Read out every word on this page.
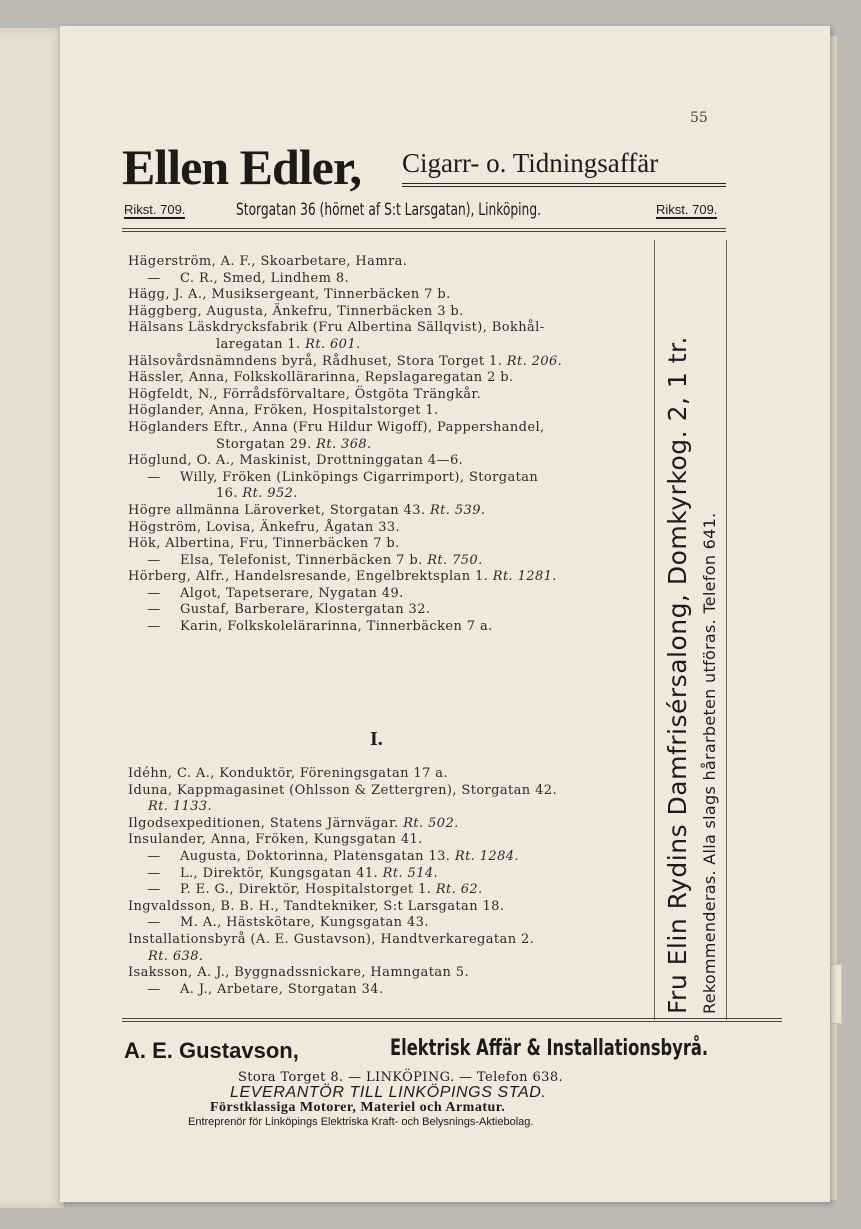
55
Ellen Edler, Cigarr- o. Tidningsaffär
Rikst. 709.	Storgatan 36 (hörnet af S:t Larsgatan), Linköping.	Rikst. 709.
Hägerström, A. F., Skoarbetare, Hamra.
— C. R., Smed, Lindhem 8.
Hägg, J. A., Musiksergeant, Tinnerbäcken 7 b.
Häggberg, Augusta, Änkefru, Tinnerbäcken 3 b.
Hälsans Läskdrycksfabrik (Fru Albertina Sällqvist), Bokhål-
laregatan 1. Rt. 601.
Hälsovårdsnämndens byrå, Rådhuset, Stora Torget 1. Rt. 206.
Hässler, Anna, Folkskollärarinna, Repslagaregatan 2 b.
Högfeldt, N., Förrådsförvaltare, Östgöta Trängkår.
Höglander, Anna, Fröken, Hospitalstorget 1.
Höglanders Eftr., Anna (Fru Hildur Wigoff), Pappershandel,
Storgatan 29. Rt. 368.
Höglund, O. A., Maskinist, Drottninggatan 4—6.
— Willy, Fröken (Linköpings Cigarrimport), Storgatan
16. Rt. 952.
Högre allmänna Läroverket, Storgatan 43. Rt. 539.
Högström, Lovisa, Änkefru, Ågatan 33.
Hök, Albertina, Fru, Tinnerbäcken 7 b.
— Elsa, Telefonist, Tinnerbäcken 7 b. Rt. 750.
Hörberg, Alfr., Handelsresande, Engelbrektsplan 1. Rt. 1281.
— Algot, Tapetserare, Nygatan 49.
— Gustaf, Barberare, Klostergatan 32.
— Karin, Folkskolelärarinna, Tinnerbäcken 7 a.
I.
Idéhn, C. A., Konduktör, Föreningsgatan 17 a.
Iduna, Kappmagasinet (Ohlsson & Zettergren), Storgatan 42.
Rt. 1133.
Ilgodsexpeditionen, Statens Järnvägar. Rt. 502.
Insulander, Anna, Fröken, Kungsgatan 41.
— Augusta, Doktorinna, Platensgatan 13. Rt. 1284.
— L., Direktör, Kungsgatan 41. Rt. 514.
— P. E. G., Direktör, Hospitalstorget 1. Rt. 62.
Ingvaldsson, B. B. H., Tandtekniker, S:t Larsgatan 18.
— M. A., Hästskötare, Kungsgatan 43.
Installationsbyrå (A. E. Gustavson), Handtverkaregatan 2.
Rt. 638.
Isaksson, A. J., Byggnadssnickare, Hamngatan 5.
— A. J., Arbetare, Storgatan 34.	Fru Elin Rydins Damfrisérsalong, Domkyrkog. 2, 1 tr. Rekommenderas. Alla slags hårarbeten utföras. Telefon 641.
A. E. Gustavson,	Elektrisk Affär & Installationsbyrå.
Stora Torget 8. — LINKÖPING. — Telefon 638.
LEVERANTÖR TILL LINKÖPINGS STAD.
Förstklassiga Motorer, Materiel och Armatur.
Entreprenör för Linköpings Elektriska Kraft- och Belysnings-Aktiebolag.
